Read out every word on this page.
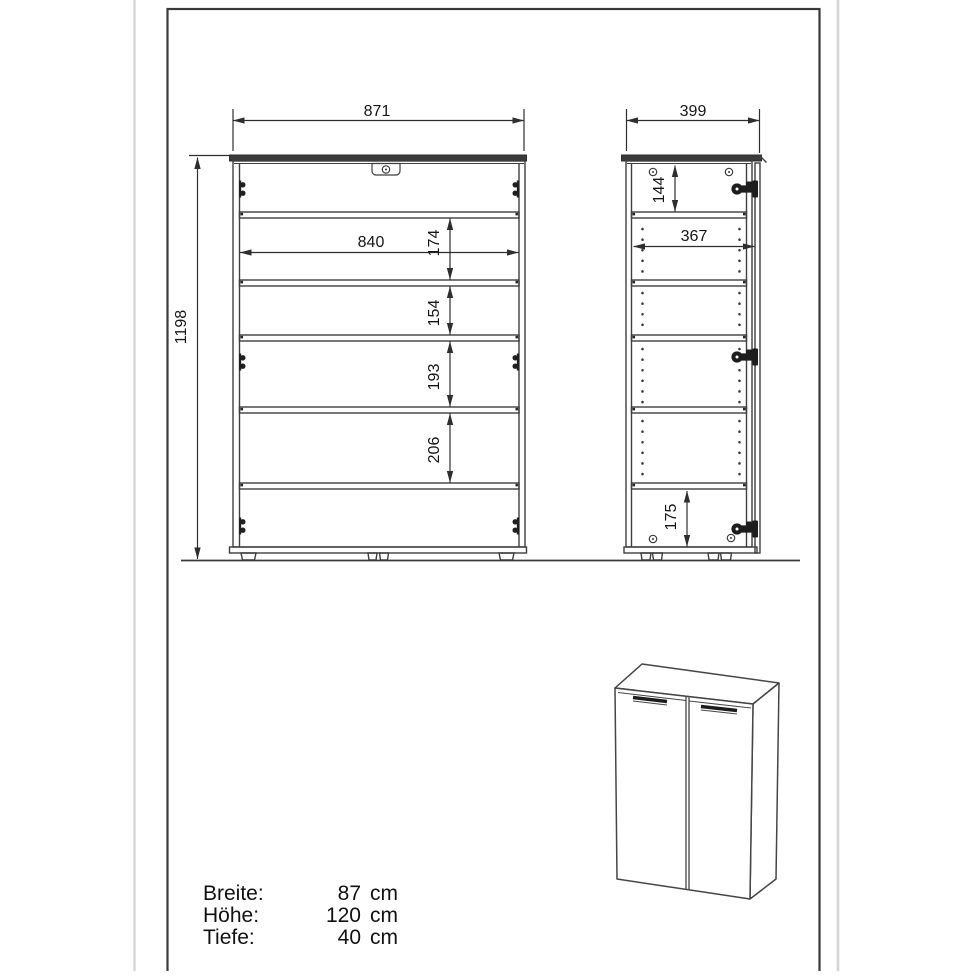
871	399
1198
840	174
154
193
206
144
367
175
Breite:	87 cm
Höhe:	120 cm
Tiefe:	40 cm
